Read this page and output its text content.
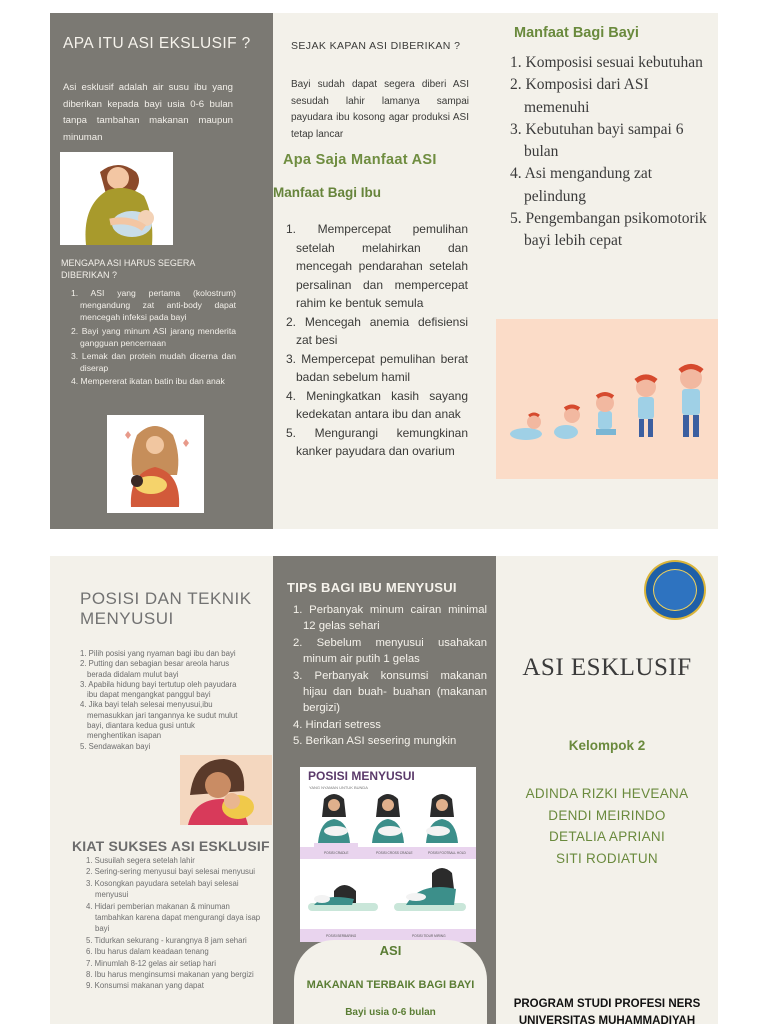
APA ITU ASI EKSLUSIF ?
Asi esklusif adalah air susu ibu yang diberikan kepada bayi usia 0-6 bulan tanpa tambahan makanan maupun minuman
MENGAPA ASI HARUS SEGERA DIBERIKAN ?
1. ASI yang pertama (kolostrum) mengandung zat anti-body dapat mencegah infeksi pada bayi
2. Bayi yang minum ASI jarang menderita gangguan pencernaan
3. Lemak dan protein mudah dicerna dan diserap
4. Mempererat ikatan batin ibu dan anak
SEJAK KAPAN ASI DIBERIKAN ?
Bayi sudah dapat segera diberi ASI sesudah lahir lamanya sampai payudara ibu kosong agar produksi ASI tetap lancar
Apa Saja Manfaat ASI
Manfaat Bagi Ibu
1. Mempercepat pemulihan setelah melahirkan dan mencegah pendarahan setelah persalinan dan mempercepat rahim ke bentuk semula
2. Mencegah anemia defisiensi zat besi
3. Mempercepat pemulihan berat badan sebelum hamil
4. Meningkatkan kasih sayang kedekatan antara ibu dan anak
5. Mengurangi kemungkinan kanker payudara dan ovarium
Manfaat Bagi Bayi
1. Komposisi sesuai kebutuhan
2. Komposisi dari ASI memenuhi
3. Kebutuhan bayi sampai 6 bulan
4. Asi mengandung zat pelindung
5. Pengembangan psikomotorik bayi lebih cepat
POSISI DAN TEKNIK MENYUSUI
1. Pilih posisi yang nyaman bagi ibu dan bayi
2. Putting dan sebagian besar areola harus berada didalam mulut bayi
3. Apabila hidung bayi tertutup oleh payudara ibu dapat mengangkat panggul bayi
4. Jika bayi telah selesai menyusui,ibu memasukkan jari tangannya ke sudut mulut bayi, diantara kedua gusi untuk menghentikan isapan
5. Sendawakan bayi
KIAT SUKSES ASI ESKLUSIF
1. Susuilah segera setelah lahir
2. Sering-sering menyusui bayi selesai menyusui
3. Kosongkan payudara setelah bayi selesai menyusui
4. Hidari pemberian makanan & minuman tambahkan karena dapat mengurangi daya isap bayi
5. Tidurkan sekurang - kurangnya 8 jam sehari
6. Ibu harus dalam keadaan tenang
7. Minumlah 8-12 gelas air setiap hari
8. Ibu harus menginsumsi makanan yang bergizi
9. Konsumsi makanan yang dapat
TIPS BAGI IBU MENYUSUI
1. Perbanyak minum cairan minimal 12 gelas sehari
2. Sebelum menyusui usahakan minum air putih 1 gelas
3. Perbanyak konsumsi makanan hijau dan buah- buahan (makanan bergizi)
4. Hindari setress
5. Berikan ASI sesering mungkin
POSISI MENYUSUI
YANG NYAMAN UNTUK BUNDA
POSISI CRADLE	POSISI CROSS CRADLE	POSISI FOOTBALL HOLD
POSISI BERBARING	POSISI TIDUR MIRING
ASI
MAKANAN TERBAIK BAGI BAYI
Bayi usia 0-6 bulan
ASI ESKLUSIF
Kelompok 2
ADINDA RIZKI HEVEANA
DENDI MEIRINDO
DETALIA APRIANI
SITI RODIATUN
PROGRAM STUDI PROFESI NERS
UNIVERSITAS MUHAMMADIYAH
